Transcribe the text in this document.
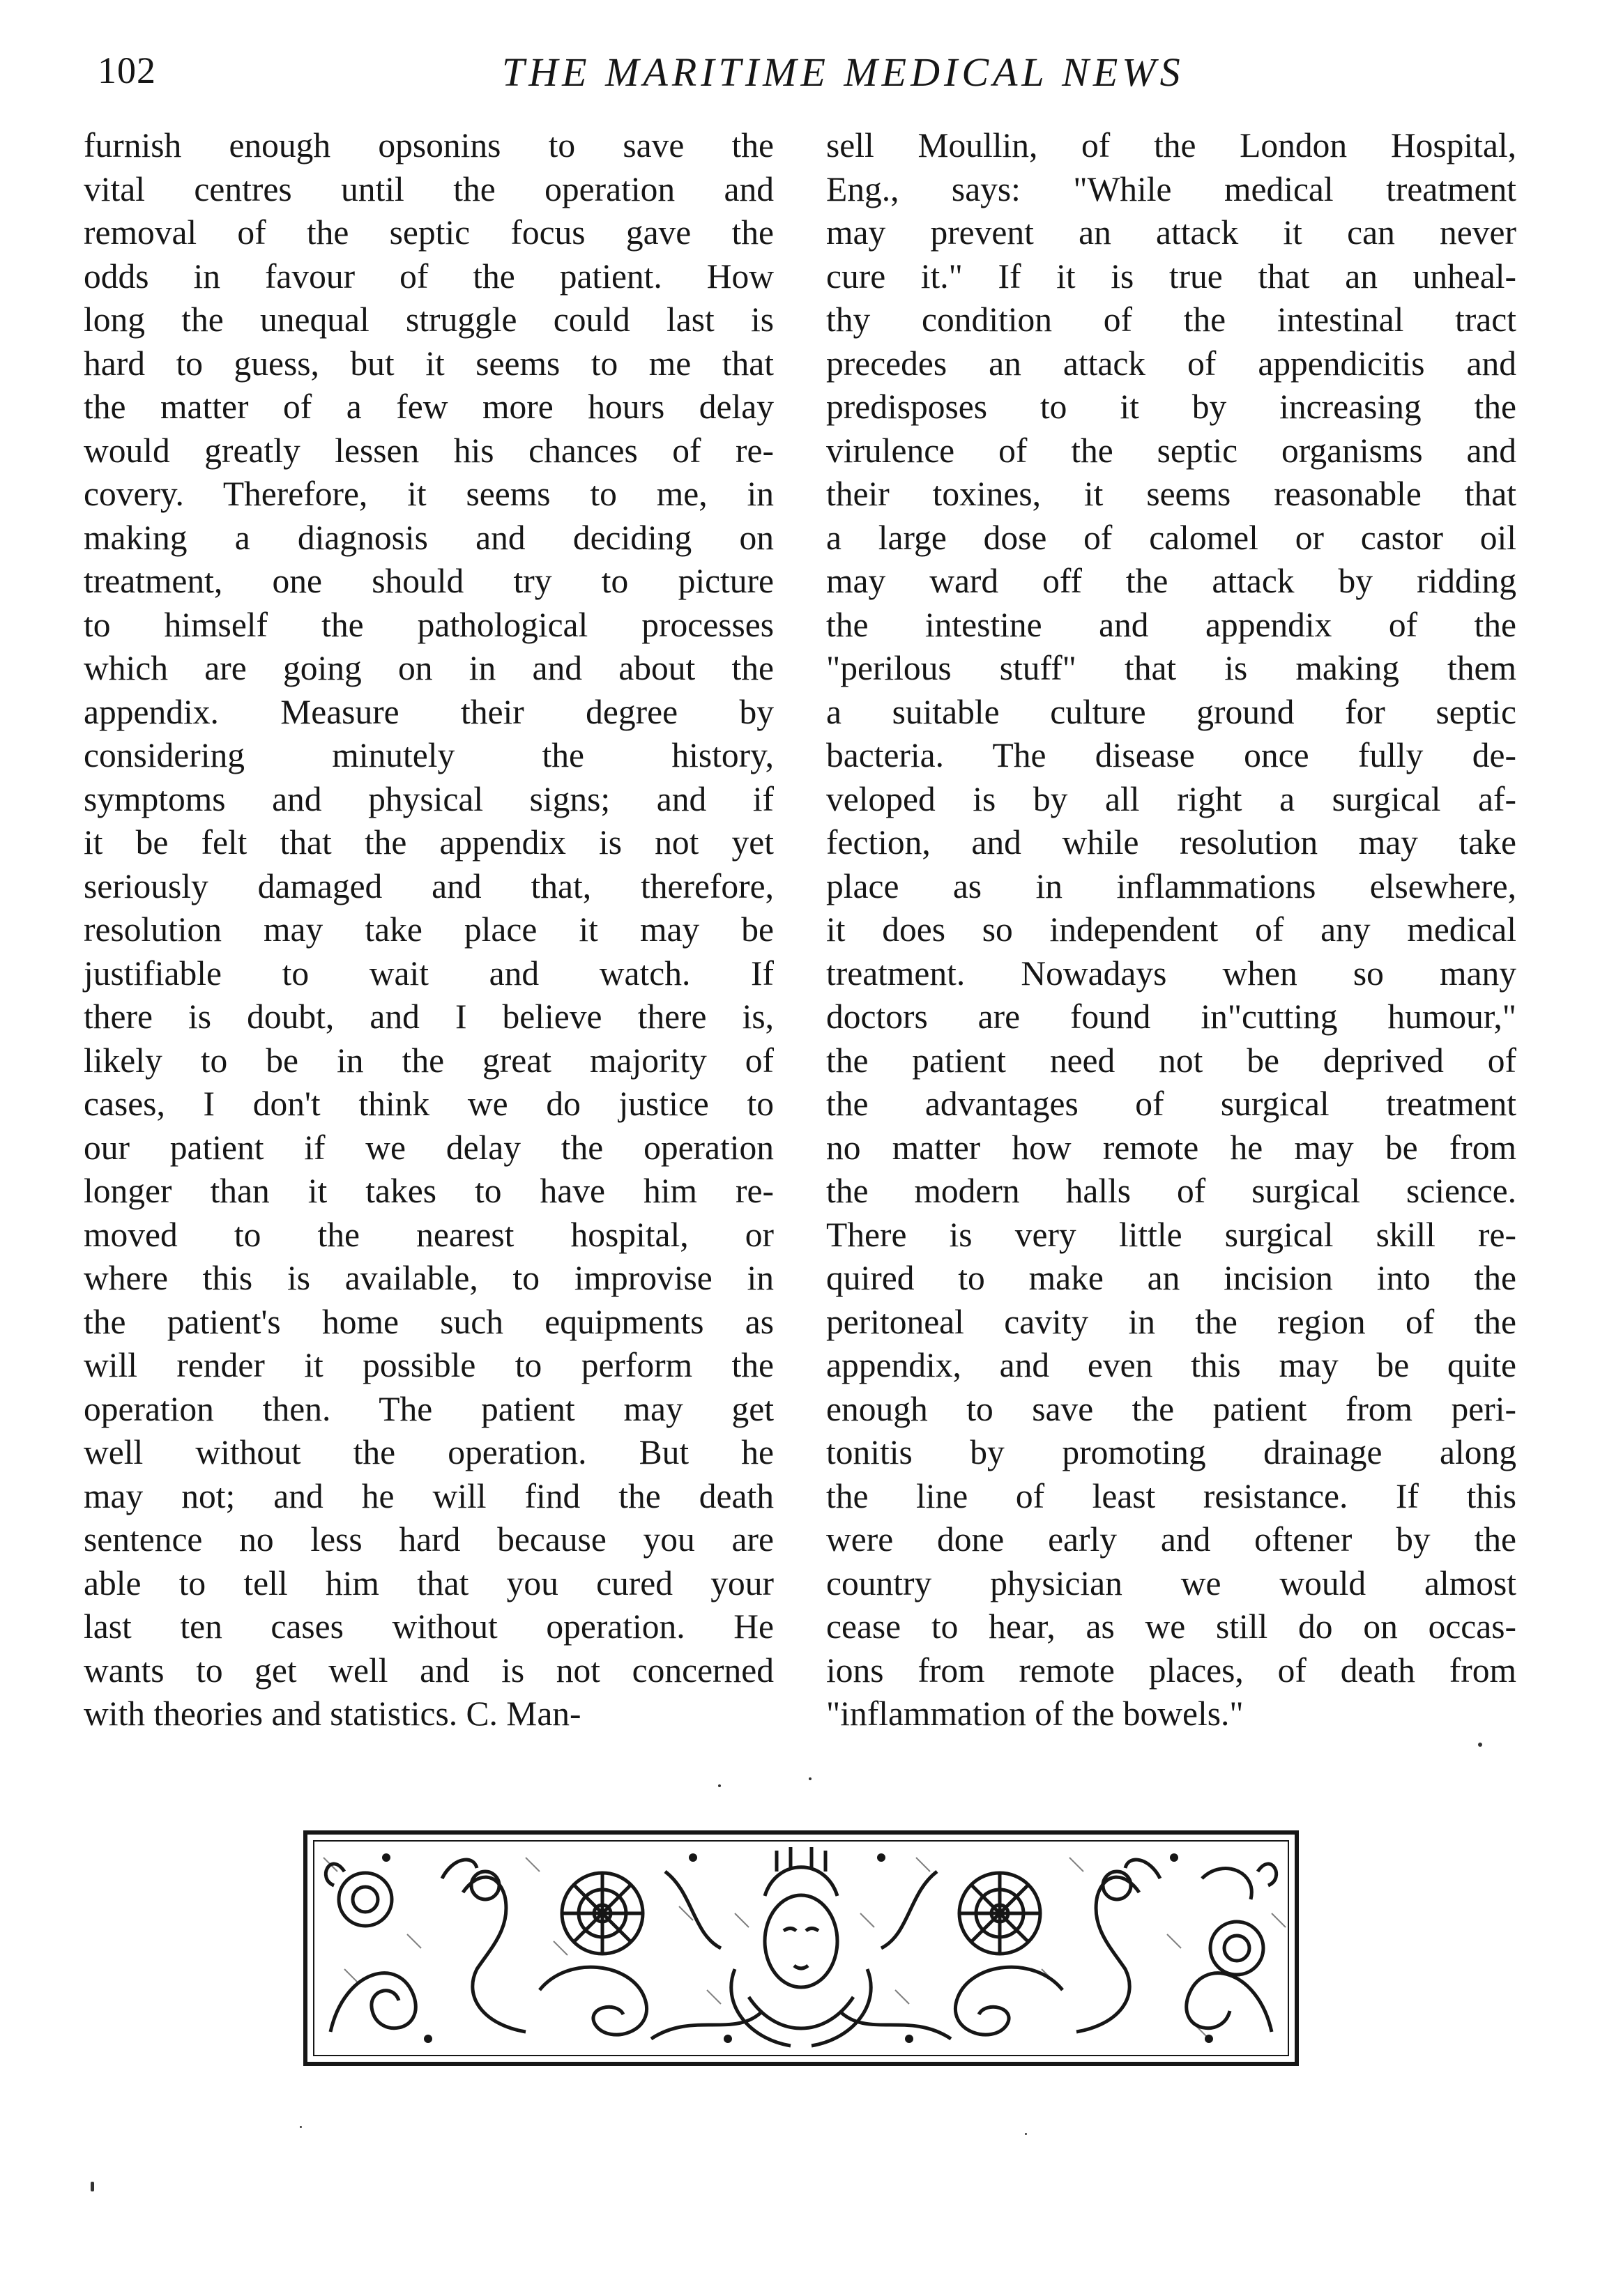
102	THE MARITIME MEDICAL NEWS
furnish enough opsonins to save the
vital centres until the operation and
removal of the septic focus gave the
odds in favour of the patient. How
long the unequal struggle could last is
hard to guess, but it seems to me that
the matter of a few more hours delay
would greatly lessen his chances of re-
covery. Therefore, it seems to me, in
making a diagnosis and deciding on
treatment, one should try to picture
to himself the pathological processes
which are going on in and about the
appendix. Measure their degree by
considering minutely the history,
symptoms and physical signs; and if
it be felt that the appendix is not yet
seriously damaged and that, therefore,
resolution may take place it may be
justifiable to wait and watch. If
there is doubt, and I believe there is,
likely to be in the great majority of
cases, I don't think we do justice to
our patient if we delay the operation
longer than it takes to have him re-
moved to the nearest hospital, or
where this is available, to improvise in
the patient's home such equipments as
will render it possible to perform the
operation then. The patient may get
well without the operation. But he
may not; and he will find the death
sentence no less hard because you are
able to tell him that you cured your
last ten cases without operation. He
wants to get well and is not concerned
with theories and statistics. C. Man-
sell Moullin, of the London Hospital,
Eng., says: "While medical treatment
may prevent an attack it can never
cure it." If it is true that an unheal-
thy condition of the intestinal tract
precedes an attack of appendicitis and
predisposes to it by increasing the
virulence of the septic organisms and
their toxines, it seems reasonable that
a large dose of calomel or castor oil
may ward off the attack by ridding
the intestine and appendix of the
"perilous stuff" that is making them
a suitable culture ground for septic
bacteria. The disease once fully de-
veloped is by all right a surgical af-
fection, and while resolution may take
place as in inflammations elsewhere,
it does so independent of any medical
treatment. Nowadays when so many
doctors are found in"cutting humour,"
the patient need not be deprived of
the advantages of surgical treatment
no matter how remote he may be from
the modern halls of surgical science.
There is very little surgical skill re-
quired to make an incision into the
peritoneal cavity in the region of the
appendix, and even this may be quite
enough to save the patient from peri-
tonitis by promoting drainage along
the line of least resistance. If this
were done early and oftener by the
country physician we would almost
cease to hear, as we still do on occas-
ions from remote places, of death from
"inflammation of the bowels."
